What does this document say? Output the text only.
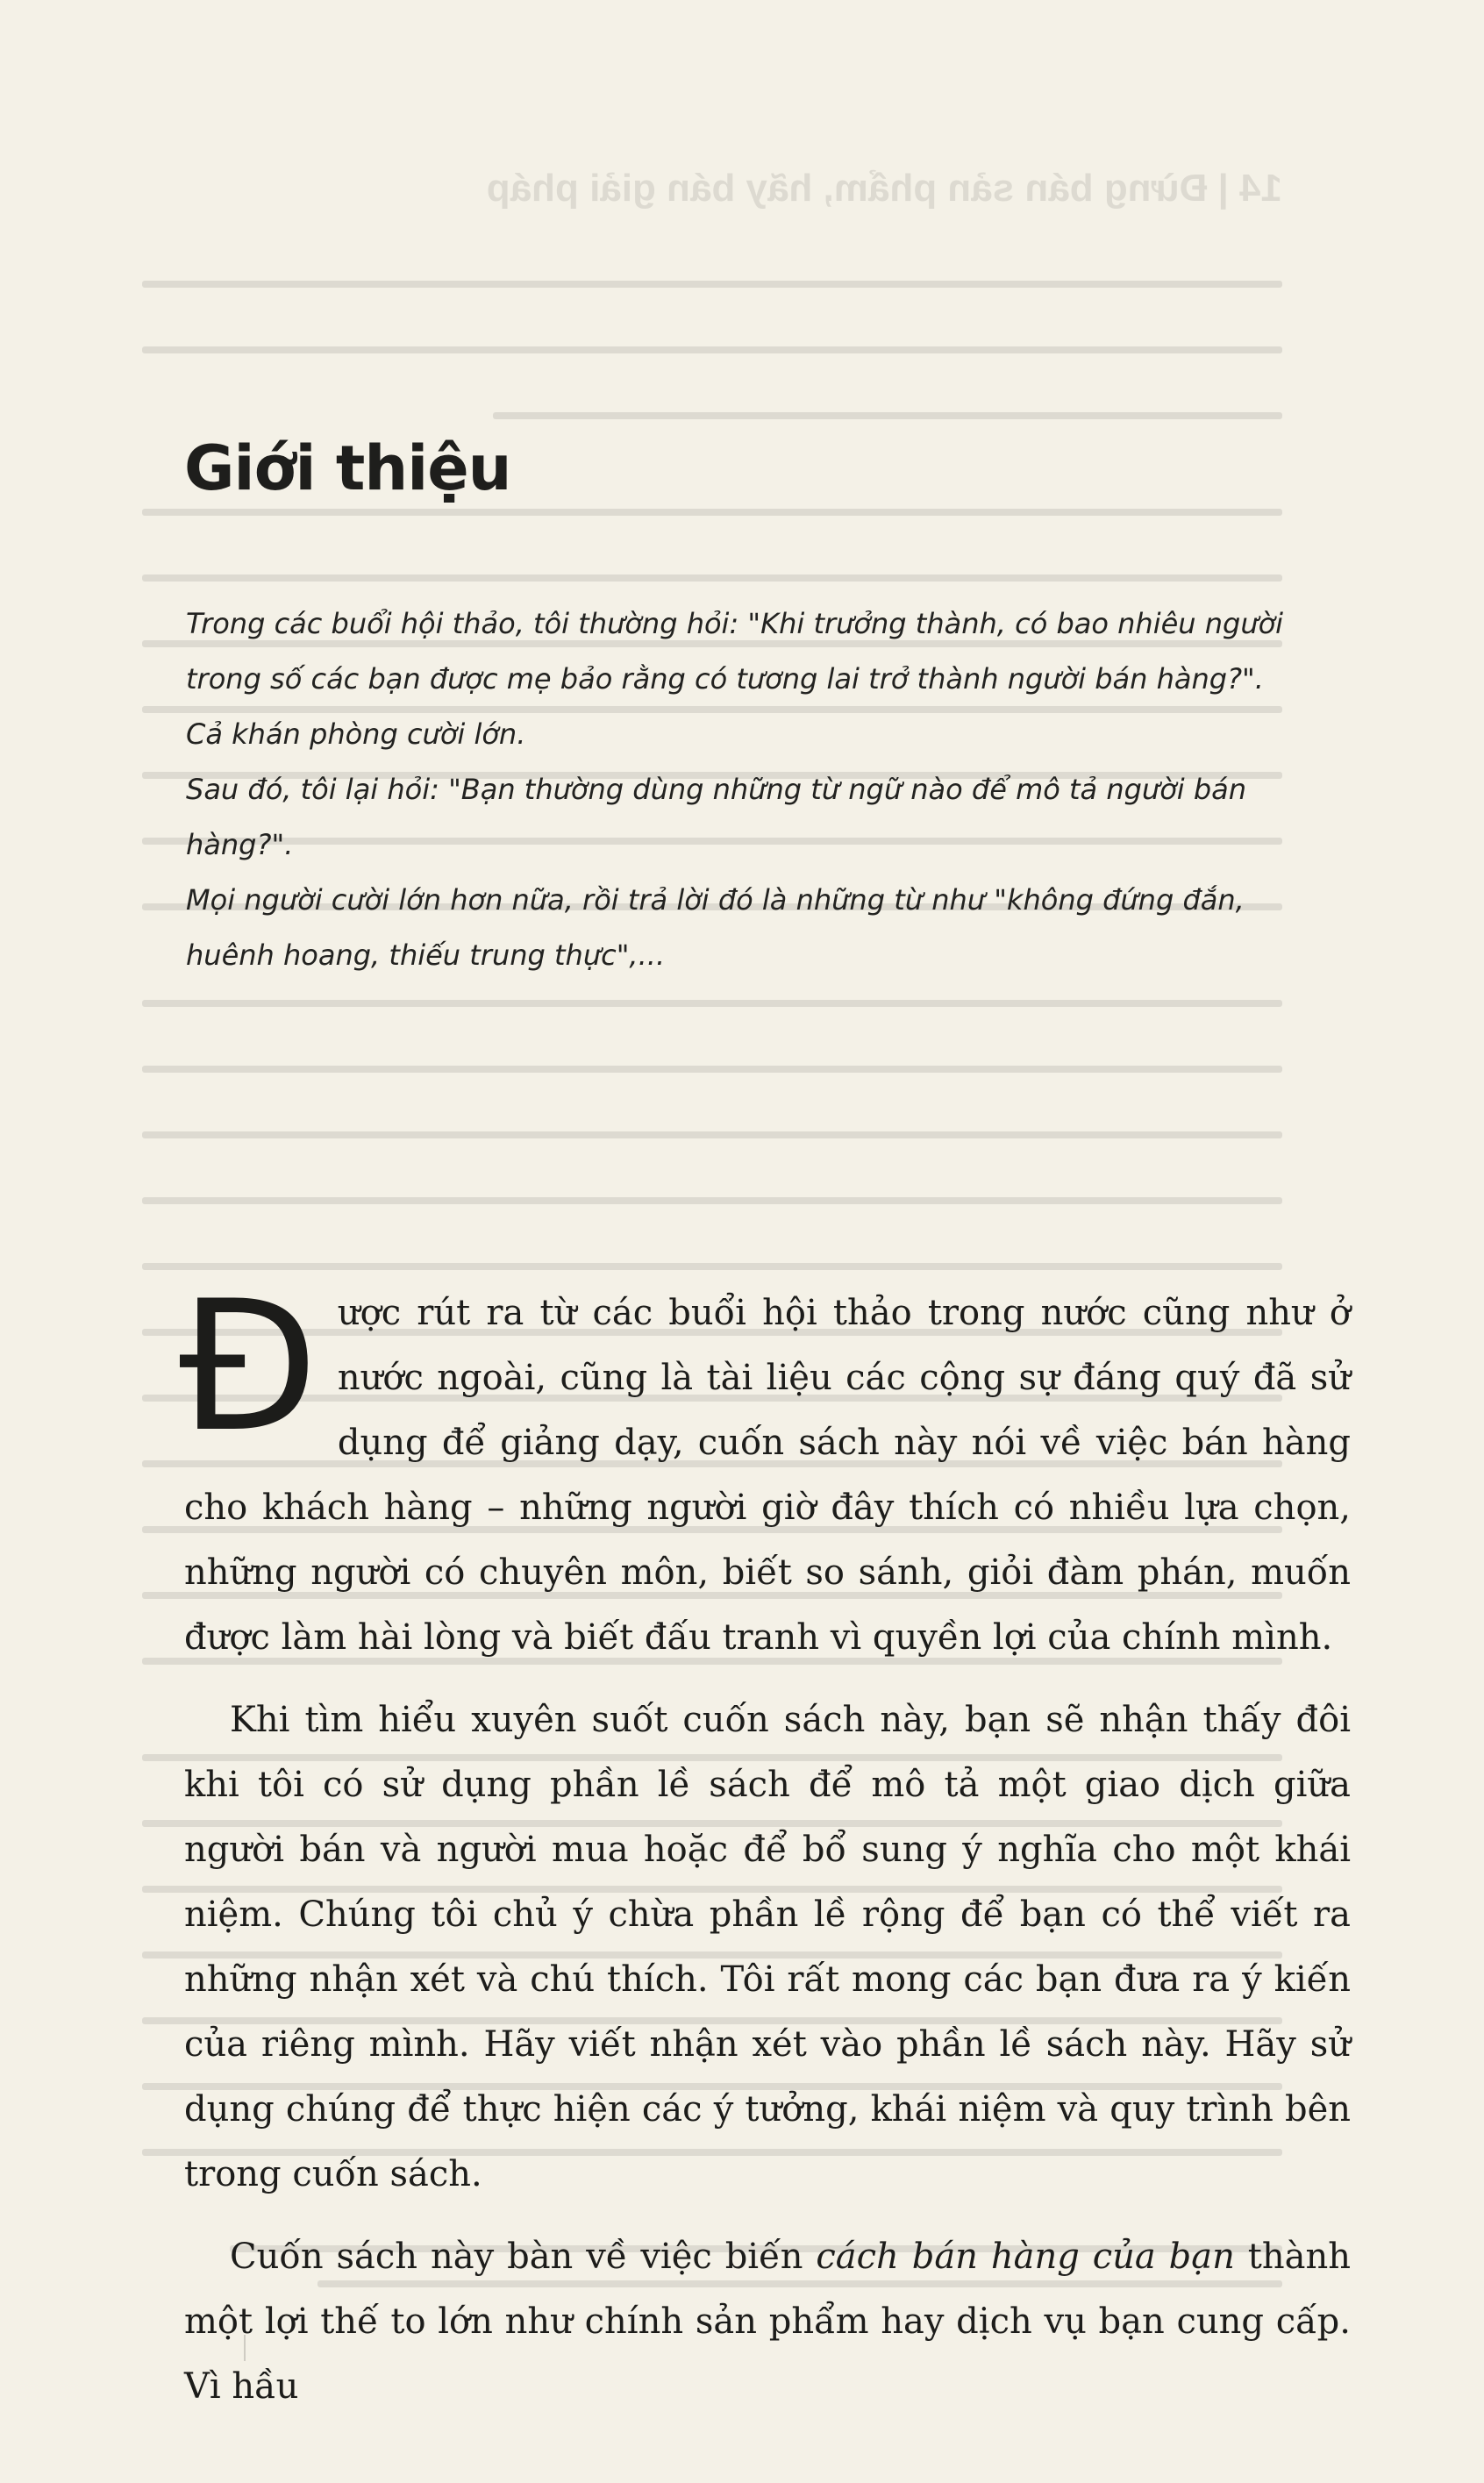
14 | Đừng bán sản phẩm, hãy bán giải pháp
Giới thiệu

Trong các buổi hội thảo, tôi thường hỏi: "Khi trưởng thành, có bao nhiêu người trong số các bạn được mẹ bảo rằng có tương lai trở thành người bán hàng?".

Cả khán phòng cười lớn.

Sau đó, tôi lại hỏi: "Bạn thường dùng những từ ngữ nào để mô tả người bán hàng?".

Mọi người cười lớn hơn nữa, rồi trả lời đó là những từ như "không đứng đắn, huênh hoang, thiếu trung thực",...

Được rút ra từ các buổi hội thảo trong nước cũng như ở nước ngoài, cũng là tài liệu các cộng sự đáng quý đã sử dụng để giảng dạy, cuốn sách này nói về việc bán hàng cho khách hàng – những người giờ đây thích có nhiều lựa chọn, những người có chuyên môn, biết so sánh, giỏi đàm phán, muốn được làm hài lòng và biết đấu tranh vì quyền lợi của chính mình.

Khi tìm hiểu xuyên suốt cuốn sách này, bạn sẽ nhận thấy đôi khi tôi có sử dụng phần lề sách để mô tả một giao dịch giữa người bán và người mua hoặc để bổ sung ý nghĩa cho một khái niệm. Chúng tôi chủ ý chừa phần lề rộng để bạn có thể viết ra những nhận xét và chú thích. Tôi rất mong các bạn đưa ra ý kiến của riêng mình. Hãy viết nhận xét vào phần lề sách này. Hãy sử dụng chúng để thực hiện các ý tưởng, khái niệm và quy trình bên trong cuốn sách.

Cuốn sách này bàn về việc biến cách bán hàng của bạn thành một lợi thế to lớn như chính sản phẩm hay dịch vụ bạn cung cấp. Vì hầu
